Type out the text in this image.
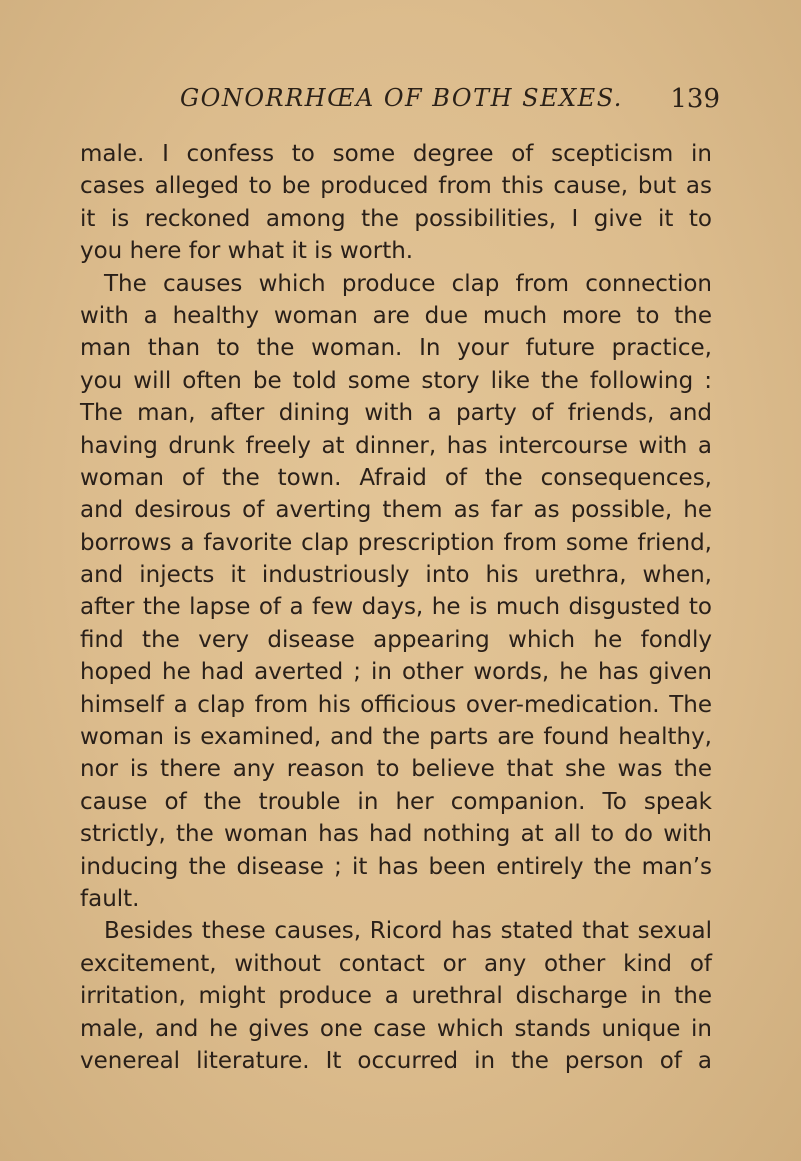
GONORRHŒA OF BOTH SEXES. 139
male. I confess to some degree of scepticism in
cases alleged to be produced from this cause, but as
it is reckoned among the possibilities, I give it to
you here for what it is worth.
The causes which produce clap from connection
with a healthy woman are due much more to the
man than to the woman. In your future practice,
you will often be told some story like the following :
The man, after dining with a party of friends, and
having drunk freely at dinner, has intercourse with a
woman of the town. Afraid of the consequences,
and desirous of averting them as far as possible, he
borrows a favorite clap prescription from some friend,
and injects it industriously into his urethra, when,
after the lapse of a few days, he is much disgusted to
find the very disease appearing which he fondly
hoped he had averted ; in other words, he has given
himself a clap from his officious over-medication. The
woman is examined, and the parts are found healthy,
nor is there any reason to believe that she was the
cause of the trouble in her companion. To speak
strictly, the woman has had nothing at all to do with
inducing the disease ; it has been entirely the man’s
fault.
Besides these causes, Ricord has stated that sexual
excitement, without contact or any other kind of
irritation, might produce a urethral discharge in the
male, and he gives one case which stands unique in
venereal literature. It occurred in the person of a
